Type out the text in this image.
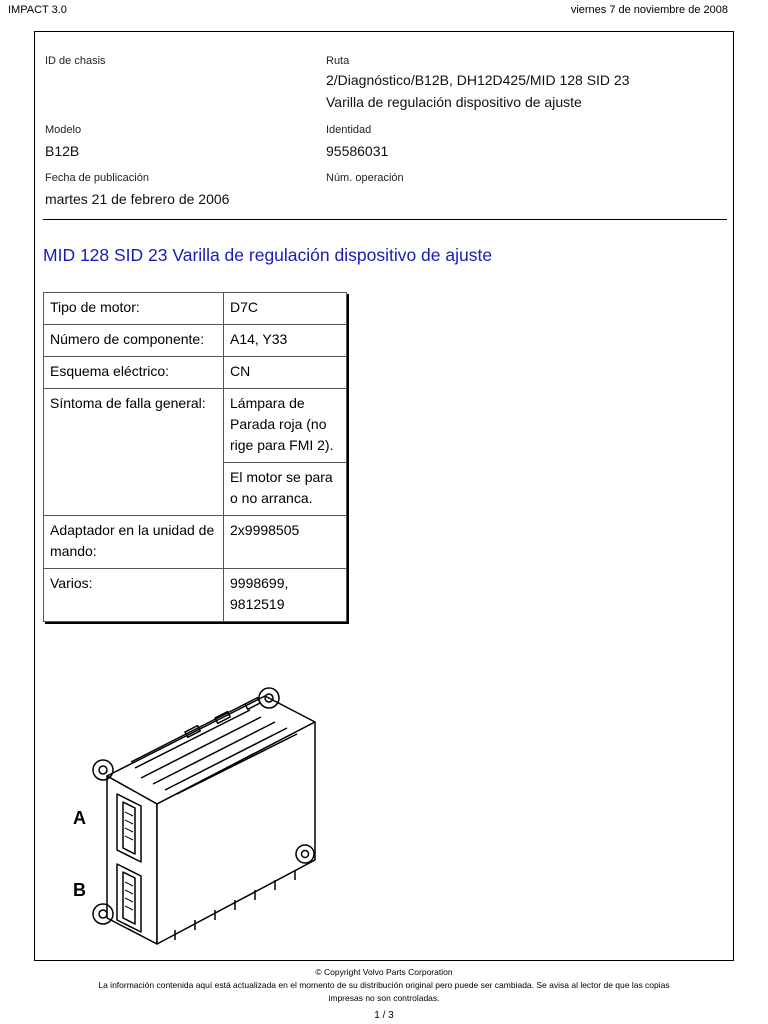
IMPACT 3.0	viernes 7 de noviembre de 2008
ID de chasis	Ruta
2/Diagnóstico/B12B, DH12D425/MID 128 SID 23
Varilla de regulación dispositivo de ajuste
Modelo	Identidad
B12B	95586031
Fecha de publicación	Núm. operación
martes 21 de febrero de 2006
MID 128 SID 23 Varilla de regulación dispositivo de ajuste
Tipo de motor:	D7C
Número de componente:	A14, Y33
Esquema eléctrico:	CN
Síntoma de falla general:	Lámpara de Parada roja (no rige para FMI 2).
	El motor se para o no arranca.
Adaptador en la unidad de mando:	2x9998505
Varios:	9998699, 9812519
A
B
© Copyright Volvo Parts Corporation
La información contenida aquí está actualizada en el momento de su distribución original pero puede ser cambiada. Se avisa al lector de que las copias
impresas no son controladas.
1 / 3
